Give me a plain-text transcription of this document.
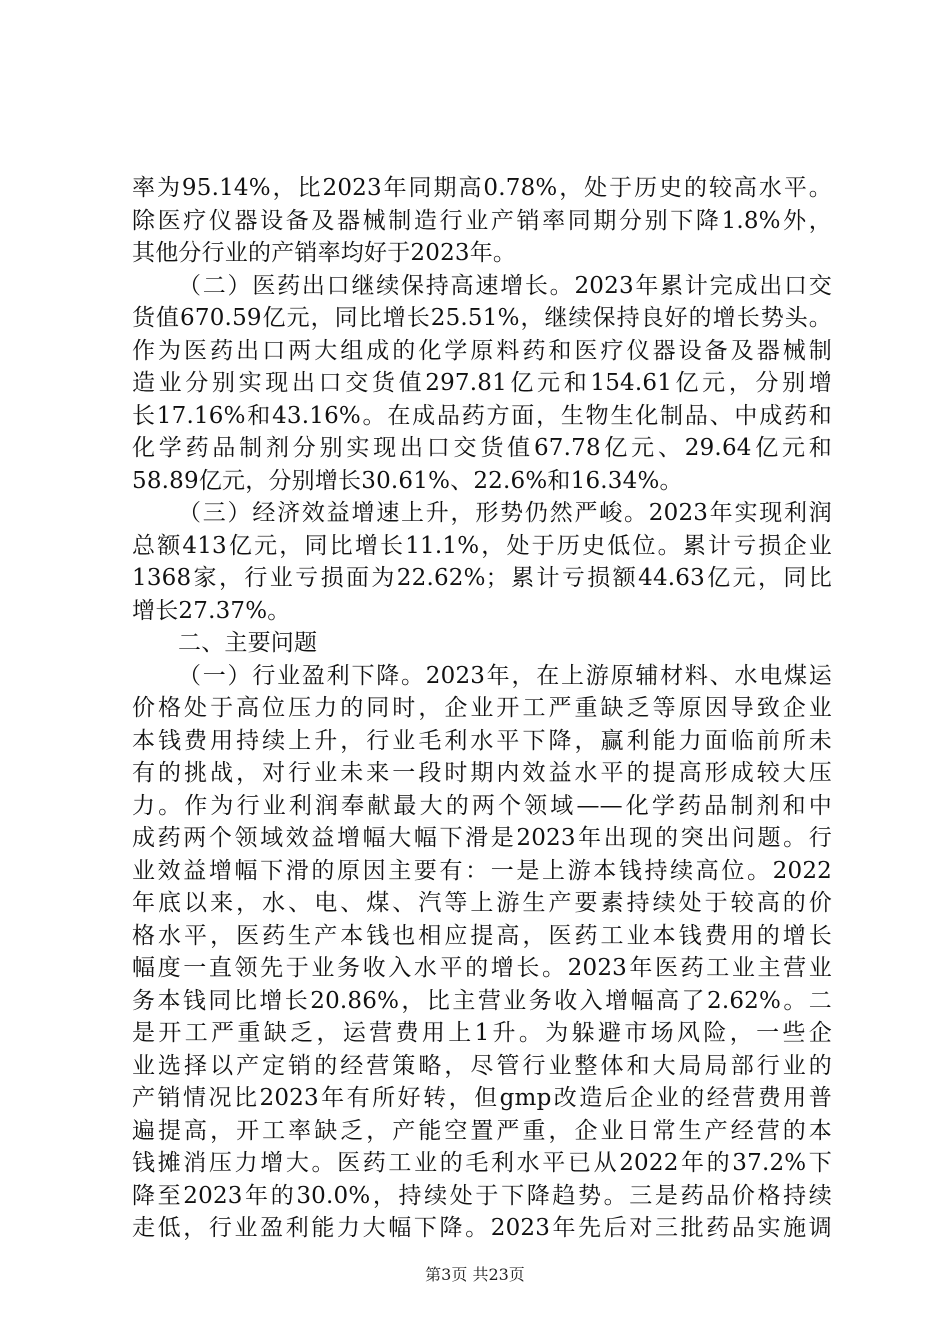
率为95.14%，比2023年同期高0.78%，处于历史的较高水平。
除医疗仪器设备及器械制造行业产销率同期分别下降1.8%外，
其他分行业的产销率均好于2023年。
（二）医药出口继续保持高速增长。2023年累计完成出口交
货值670.59亿元，同比增长25.51%，继续保持良好的增长势头。
作为医药出口两大组成的化学原料药和医疗仪器设备及器械制
造业分别实现出口交货值297.81亿元和154.61亿元，分别增
长17.16%和43.16%。在成品药方面，生物生化制品、中成药和
化学药品制剂分别实现出口交货值67.78亿元、29.64亿元和
58.89亿元，分别增长30.61%、22.6%和16.34%。
（三）经济效益增速上升，形势仍然严峻。2023年实现利润
总额413亿元，同比增长11.1%，处于历史低位。累计亏损企业
1368家，行业亏损面为22.62%；累计亏损额44.63亿元，同比
增长27.37%。
二、主要问题
（一）行业盈利下降。2023年，在上游原辅材料、水电煤运
价格处于高位压力的同时，企业开工严重缺乏等原因导致企业
本钱费用持续上升，行业毛利水平下降，赢利能力面临前所未
有的挑战，对行业未来一段时期内效益水平的提高形成较大压
力。作为行业利润奉献最大的两个领域——化学药品制剂和中
成药两个领域效益增幅大幅下滑是2023年出现的突出问题。行
业效益增幅下滑的原因主要有：一是上游本钱持续高位。2022
年底以来，水、电、煤、汽等上游生产要素持续处于较高的价
格水平，医药生产本钱也相应提高，医药工业本钱费用的增长
幅度一直领先于业务收入水平的增长。2023年医药工业主营业
务本钱同比增长20.86%，比主营业务收入增幅高了2.62%。二
是开工严重缺乏，运营费用上1升。为躲避市场风险，一些企
业选择以产定销的经营策略，尽管行业整体和大局局部行业的
产销情况比2023年有所好转，但gmp改造后企业的经营费用普
遍提高，开工率缺乏，产能空置严重，企业日常生产经营的本
钱摊消压力增大。医药工业的毛利水平已从2022年的37.2%下
降至2023年的30.0%，持续处于下降趋势。三是药品价格持续
走低，行业盈利能力大幅下降。2023年先后对三批药品实施调
第3页 共23页
